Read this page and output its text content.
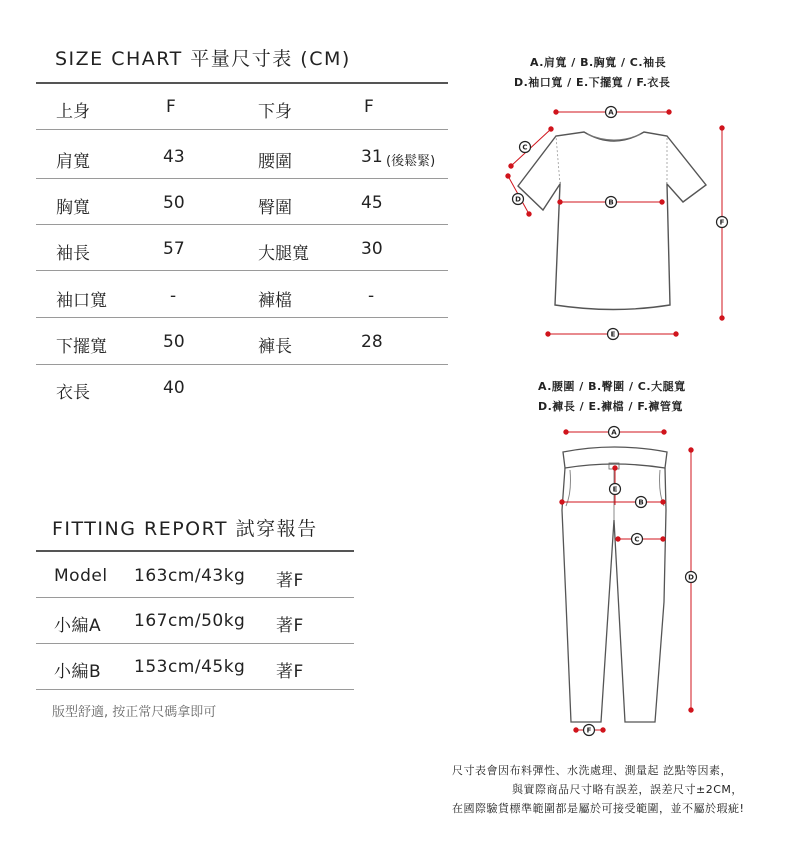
SIZE CHART 平量尺寸表 (CM)
上身	F	下身	F
肩寬	43	腰圍	31 (後鬆緊)
胸寬	50	臀圍	45
袖長	57	大腿寬	30
袖口寬	-	褲檔	-
下擺寬	50	褲長	28
衣長	40
FITTING REPORT 試穿報告
Model 163cm/43kg 著F
小編A 167cm/50kg 著F
小編B 153cm/45kg 著F
版型舒適, 按正常尺碼拿即可
A.肩寬 / B.胸寬 / C.袖長
D.袖口寬 / E.下擺寬 / F.衣長
A
B
C
D
E
F
A.腰圍 / B.臀圍 / C.大腿寬
D.褲長 / E.褲檔 / F.褲管寬
A
B
C
D
E
F
尺寸表會因布料彈性、水洗處理、測量起 訖點等因素，
與實際商品尺寸略有誤差，誤差尺寸±2CM，
在國際驗貨標準範圍都是屬於可接受範圍，並不屬於瑕疵!
